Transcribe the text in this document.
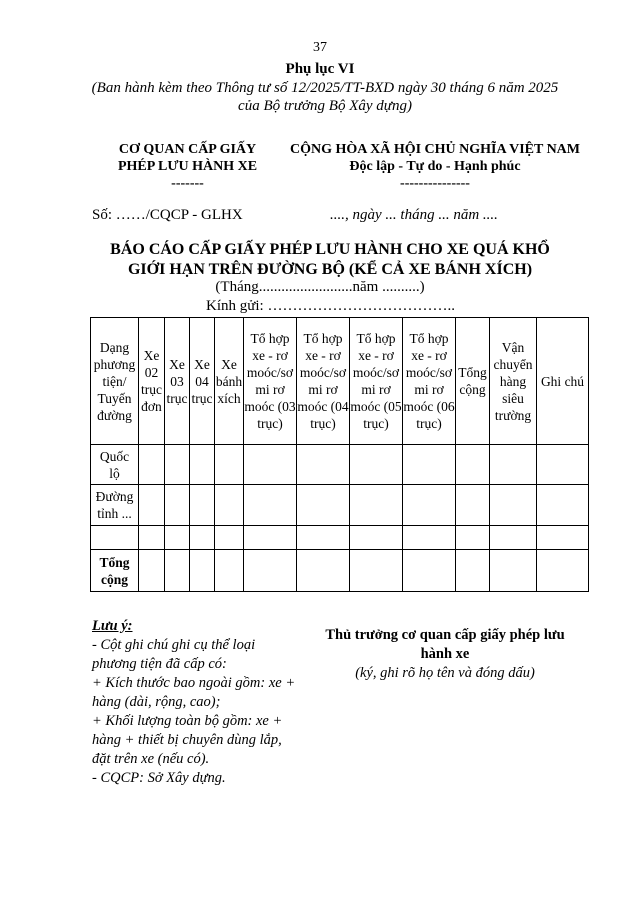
37
Phụ lục VI
(Ban hành kèm theo Thông tư số 12/2025/TT-BXD ngày 30 tháng 6 năm 2025
của Bộ trưởng Bộ Xây dựng)
CƠ QUAN CẤP GIẤY
PHÉP LƯU HÀNH XE
-------
CỘNG HÒA XÃ HỘI CHỦ NGHĨA VIỆT NAM
Độc lập - Tự do - Hạnh phúc
---------------
Số: ……/CQCP - GLHX	...., ngày ... tháng ... năm ....
BÁO CÁO CẤP GIẤY PHÉP LƯU HÀNH CHO XE QUÁ KHỔ
GIỚI HẠN TRÊN ĐƯỜNG BỘ (KỂ CẢ XE BÁNH XÍCH)
(Tháng.........................năm ..........)
Kính gửi: ………………………………..
Dạng phương tiện/ Tuyến đường	Xe 02 trục đơn	Xe 03 trục	Xe 04 trục	Xe bánh xích	Tổ hợp xe - rơ moóc/sơ mi rơ moóc (03 trục)	Tổ hợp xe - rơ moóc/sơ mi rơ moóc (04 trục)	Tổ hợp xe - rơ moóc/sơ mi rơ moóc (05 trục)	Tổ hợp xe - rơ moóc/sơ mi rơ moóc (06 trục)	Tổng cộng	Vận chuyển hàng siêu trường	Ghi chú
Quốc lộ											
Đường tỉnh ...											

Tổng cộng											
Lưu ý:
- Cột ghi chú ghi cụ thể loại phương tiện đã cấp có:
+ Kích thước bao ngoài gồm: xe + hàng (dài, rộng, cao);
+ Khối lượng toàn bộ gồm: xe + hàng + thiết bị chuyên dùng lắp, đặt trên xe (nếu có).
- CQCP: Sở Xây dựng.
Thủ trưởng cơ quan cấp giấy phép lưu hành xe
(ký, ghi rõ họ tên và đóng dấu)
